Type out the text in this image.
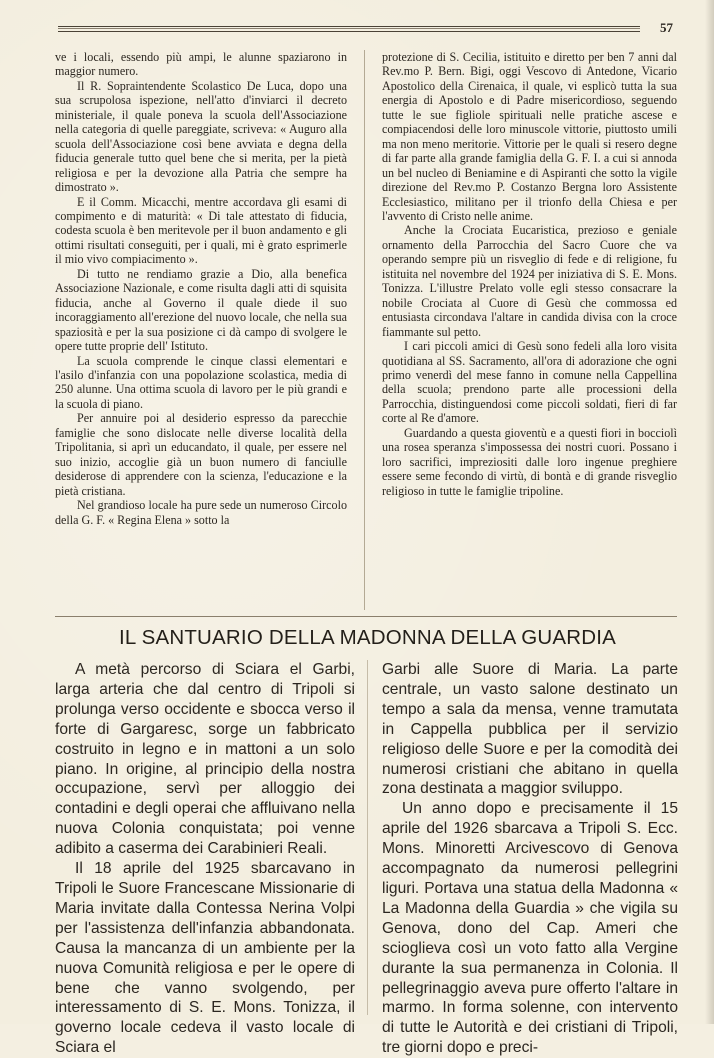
57

ve i locali, essendo più ampi, le alunne spaziarono in maggior numero.

Il R. Sopraintendente Scolastico De Luca, dopo una sua scrupolosa ispezione, nell'atto d'inviarci il decreto ministeriale, il quale poneva la scuola dell'Associazione nella categoria di quelle pareggiate, scriveva: « Auguro alla scuola dell'Associazione così bene avviata e degna della fiducia generale tutto quel bene che si merita, per la pietà religiosa e per la devozione alla Patria che sempre ha dimostrato ».

E il Comm. Micacchi, mentre accordava gli esami di compimento e di maturità: « Di tale attestato di fiducia, codesta scuola è ben meritevole per il buon andamento e gli ottimi risultati conseguiti, per i quali, mi è grato esprimerle il mio vivo compiacimento ».

Di tutto ne rendiamo grazie a Dio, alla benefica Associazione Nazionale, e come risulta dagli atti di squisita fiducia, anche al Governo il quale diede il suo incoraggiamento all'erezione del nuovo locale, che nella sua spaziosità e per la sua posizione ci dà campo di svolgere le opere tutte proprie dell' Istituto.

La scuola comprende le cinque classi elementari e l'asilo d'infanzia con una popolazione scolastica, media di 250 alunne. Una ottima scuola di lavoro per le più grandi e la scuola di piano.

Per annuire poi al desiderio espresso da parecchie famiglie che sono dislocate nelle diverse località della Tripolitania, si aprì un educandato, il quale, per essere nel suo inizio, accoglie già un buon numero di fanciulle desiderose di apprendere con la scienza, l'educazione e la pietà cristiana.

Nel grandioso locale ha pure sede un numeroso Circolo della G. F. « Regina Elena » sotto la

protezione di S. Cecilia, istituito e diretto per ben 7 anni dal Rev.mo P. Bern. Bigi, oggi Vescovo di Antedone, Vicario Apostolico della Cirenaica, il quale, vi esplicò tutta la sua energia di Apostolo e di Padre misericordioso, seguendo tutte le sue figliole spirituali nelle pratiche ascese e compiacendosi delle loro minuscole vittorie, piuttosto umili ma non meno meritorie. Vittorie per le quali si resero degne di far parte alla grande famiglia della G. F. I. a cui si annoda un bel nucleo di Beniamine e di Aspiranti che sotto la vigile direzione del Rev.mo P. Costanzo Bergna loro Assistente Ecclesiastico, militano per il trionfo della Chiesa e per l'avvento di Cristo nelle anime.

Anche la Crociata Eucaristica, prezioso e geniale ornamento della Parrocchia del Sacro Cuore che va operando sempre più un risveglio di fede e di religione, fu istituita nel novembre del 1924 per iniziativa di S. E. Mons. Tonizza. L'illustre Prelato volle egli stesso consacrare la nobile Crociata al Cuore di Gesù che commossa ed entusiasta circondava l'altare in candida divisa con la croce fiammante sul petto.

I cari piccoli amici di Gesù sono fedeli alla loro visita quotidiana al SS. Sacramento, all'ora di adorazione che ogni primo venerdì del mese fanno in comune nella Cappellina della scuola; prendono parte alle processioni della Parrocchia, distinguendosi come piccoli soldati, fieri di far corte al Re d'amore.

Guardando a questa gioventù e a questi fiori in bocciolì una rosea speranza s'impossessa dei nostri cuori. Possano i loro sacrifici, impreziositi dalle loro ingenue preghiere essere seme fecondo di virtù, di bontà e di grande risveglio religioso in tutte le famiglie tripoline.

IL SANTUARIO DELLA MADONNA DELLA GUARDIA

A metà percorso di Sciara el Garbi, larga arteria che dal centro di Tripoli si prolunga verso occidente e sbocca verso il forte di Gargaresc, sorge un fabbricato costruito in legno e in mattoni a un solo piano. In origine, al principio della nostra occupazione, servì per alloggio dei contadini e degli operai che affluivano nella nuova Colonia conquistata; poi venne adibito a caserma dei Carabinieri Reali.

Il 18 aprile del 1925 sbarcavano in Tripoli le Suore Francescane Missionarie di Maria invitate dalla Contessa Nerina Volpi per l'assistenza dell'infanzia abbandonata. Causa la mancanza di un ambiente per la nuova Comunità religiosa e per le opere di bene che vanno svolgendo, per interessamento di S. E. Mons. Tonizza, il governo locale cedeva il vasto locale di Sciara el

Garbi alle Suore di Maria. La parte centrale, un vasto salone destinato un tempo a sala da mensa, venne tramutata in Cappella pubblica per il servizio religioso delle Suore e per la comodità dei numerosi cristiani che abitano in quella zona destinata a maggior sviluppo.

Un anno dopo e precisamente il 15 aprile del 1926 sbarcava a Tripoli S. Ecc. Mons. Minoretti Arcivescovo di Genova accompagnato da numerosi pellegrini liguri. Portava una statua della Madonna « La Madonna della Guardia » che vigila su Genova, dono del Cap. Ameri che scioglieva così un voto fatto alla Vergine durante la sua permanenza in Colonia. Il pellegrinaggio aveva pure offerto l'altare in marmo. In forma solenne, con intervento di tutte le Autorità e dei cristiani di Tripoli, tre giorni dopo e preci-
